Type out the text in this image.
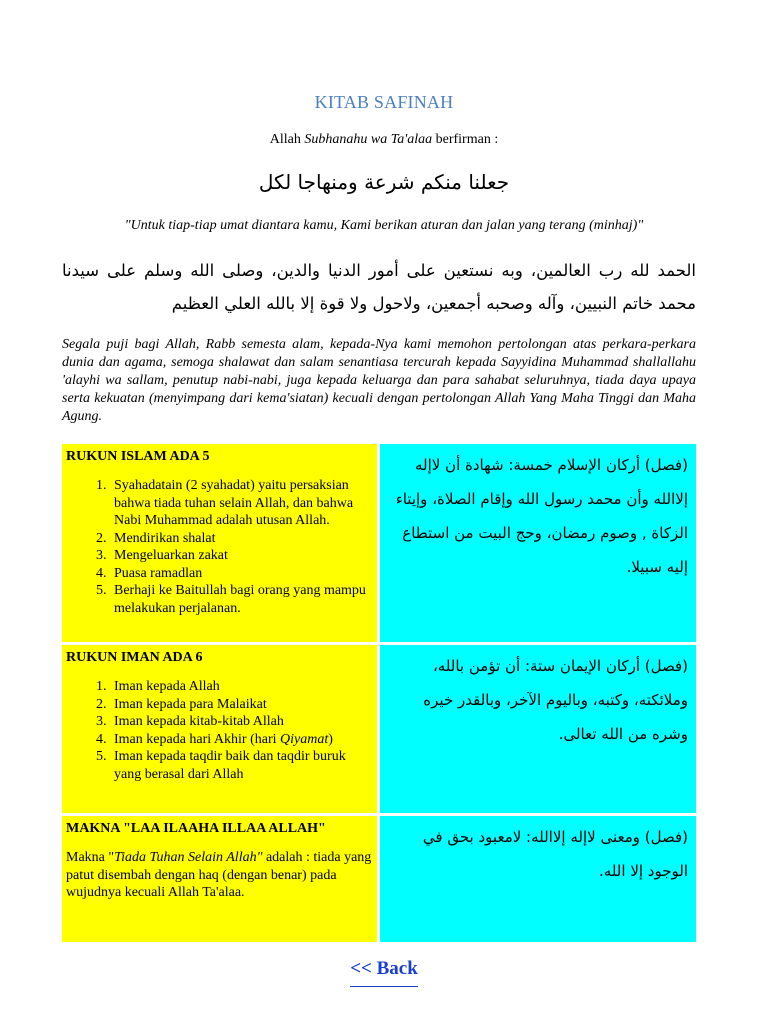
KITAB SAFINAH
Allah Subhanahu wa Ta'alaa berfirman :
جعلنا منكم شرعة ومنهاجا لكل
"Untuk tiap-tiap umat diantara kamu, Kami berikan aturan dan jalan yang terang (minhaj)"
الحمد لله رب العالمين، وبه نستعين على أمور الدنيا والدين، وصلى الله وسلم على سيدنا محمد خاتم النبيين، وآله وصحبه أجمعين، ولاحول ولا قوة إلا بالله العلي العظيم
Segala puji bagi Allah, Rabb semesta alam, kepada-Nya kami memohon pertolongan atas perkara-perkara dunia dan agama, semoga shalawat dan salam senantiasa tercurah kepada Sayyidina Muhammad shallallahu 'alayhi wa sallam, penutup nabi-nabi, juga kepada keluarga dan para sahabat seluruhnya, tiada daya upaya serta kekuatan (menyimpang dari kema'siatan) kecuali dengan pertolongan Allah Yang Maha Tinggi dan Maha Agung.
RUKUN ISLAM ADA 5
1. Syahadatain (2 syahadat) yaitu persaksian bahwa tiada tuhan selain Allah, dan bahwa Nabi Muhammad adalah utusan Allah.
2. Mendirikan shalat
3. Mengeluarkan zakat
4. Puasa ramadlan
5. Berhaji ke Baitullah bagi orang yang mampu melakukan perjalanan.
(فصل) أركان الإسلام خمسة: شهادة أن لاإله إلاالله وأن محمد رسول الله وإقام الصلاة، وإيتاء الزكاة , وصوم رمضان، وحج البيت من استطاع إليه سبيلا.
RUKUN IMAN ADA 6
1. Iman kepada Allah
2. Iman kepada para Malaikat
3. Iman kepada kitab-kitab Allah
4. Iman kepada hari Akhir (hari Qiyamat)
5. Iman kepada taqdir baik dan taqdir buruk yang berasal dari Allah
(فصل) أركان الإيمان ستة: أن تؤمن بالله، وملائكته، وكتبه، وباليوم الآخر، وبالقدر خيره وشره من الله تعالى.
MAKNA "LAA ILAAHA ILLAA ALLAH"
Makna "Tiada Tuhan Selain Allah" adalah : tiada yang patut disembah dengan haq (dengan benar) pada wujudnya kecuali Allah Ta'alaa.
(فصل) ومعنى لاإله إلاالله: لامعبود بحق في الوجود إلا الله.
<< Back
